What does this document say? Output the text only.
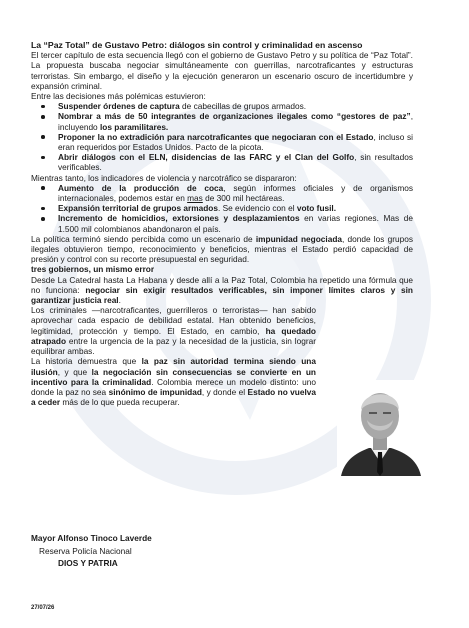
La “Paz Total” de Gustavo Petro: diálogos sin control y criminalidad en ascenso

El tercer capítulo de esta secuencia llegó con el gobierno de Gustavo Petro y su política de “Paz Total”. La propuesta buscaba negociar simultáneamente con guerrillas, narcotraficantes y estructuras terroristas. Sin embargo, el diseño y la ejecución generaron un escenario oscuro de incertidumbre y expansión criminal.

Entre las decisiones más polémicas estuvieron:

Suspender órdenes de captura de cabecillas de grupos armados.
Nombrar a más de 50 integrantes de organizaciones ilegales como “gestores de paz”, incluyendo los paramilitares.
Proponer la no extradición para narcotraficantes que negociaran con el Estado, incluso si eran requeridos por Estados Unidos. Pacto de la picota.
Abrir diálogos con el ELN, disidencias de las FARC y el Clan del Golfo, sin resultados verificables.

Mientras tanto, los indicadores de violencia y narcotráfico se dispararon:

Aumento de la producción de coca, según informes oficiales y de organismos internacionales, podemos estar en mas de 300 mil hectáreas.
Expansión territorial de grupos armados. Se evidencio con el voto fusil.
Incremento de homicidios, extorsiones y desplazamientos en varias regiones. Mas de 1.500 mil colombianos abandonaron el país.

La política terminó siendo percibida como un escenario de impunidad negociada, donde los grupos ilegales obtuvieron tiempo, reconocimiento y beneficios, mientras el Estado perdió capacidad de presión y control con su recorte presupuestal en seguridad.

tres gobiernos, un mismo error

Desde La Catedral hasta La Habana y desde allí a la Paz Total, Colombia ha repetido una fórmula que no funciona: negociar sin exigir resultados verificables, sin imponer límites claros y sin garantizar justicia real.

Los criminales —narcotraficantes, guerrilleros o terroristas— han sabido aprovechar cada espacio de debilidad estatal. Han obtenido beneficios, legitimidad, protección y tiempo. El Estado, en cambio, ha quedado atrapado entre la urgencia de la paz y la necesidad de la justicia, sin lograr equilibrar ambas.

La historia demuestra que la paz sin autoridad termina siendo una ilusión, y que la negociación sin consecuencias se convierte en un incentivo para la criminalidad. Colombia merece un modelo distinto: uno donde la paz no sea sinónimo de impunidad, y donde el Estado no vuelva a ceder más de lo que pueda recuperar.

Mayor Alfonso Tinoco Laverde
Reserva Policía Nacional
DIOS Y PATRIA
27/07/26
